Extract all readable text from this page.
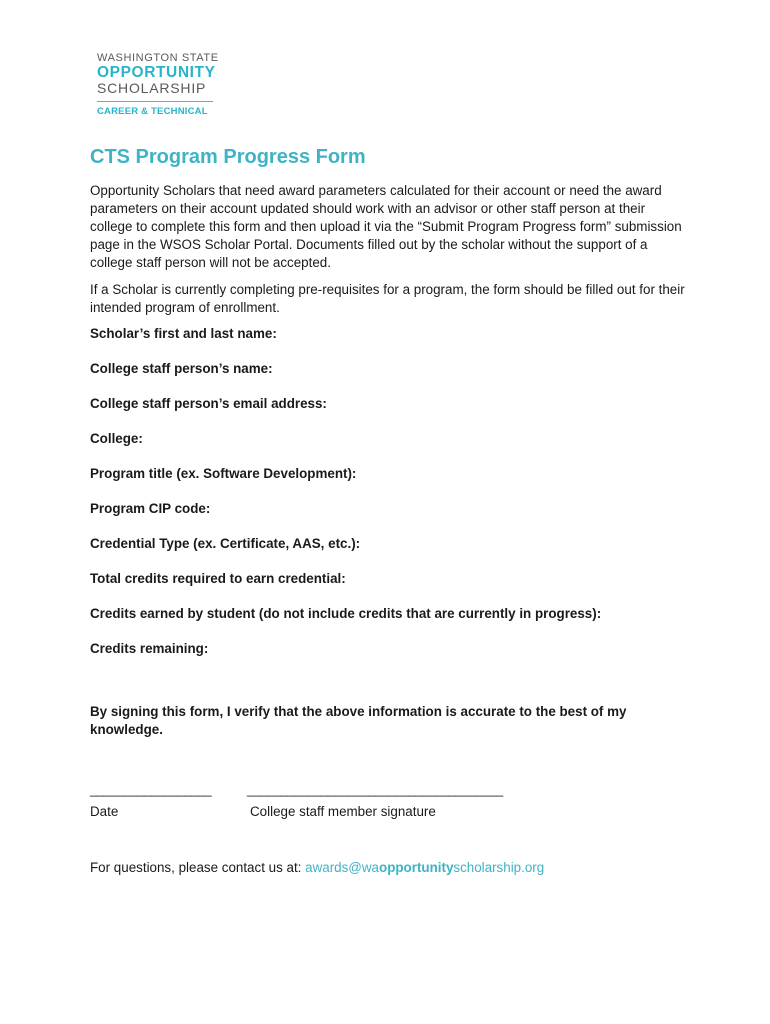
WASHINGTON STATE
OPPORTUNITY
SCHOLARSHIP
CAREER & TECHNICAL
CTS Program Progress Form

Opportunity Scholars that need award parameters calculated for their account or need the award parameters on their account updated should work with an advisor or other staff person at their college to complete this form and then upload it via the “Submit Program Progress form” submission page in the WSOS Scholar Portal. Documents filled out by the scholar without the support of a college staff person will not be accepted.

If a Scholar is currently completing pre-requisites for a program, the form should be filled out for their intended program of enrollment.

Scholar’s first and last name:
College staff person’s name:
College staff person’s email address:
College:
Program title (ex. Software Development):
Program CIP code:
Credential Type (ex. Certificate, AAS, etc.):
Total credits required to earn credential:
Credits earned by student (do not include credits that are currently in progress):
Credits remaining:

By signing this form, I verify that the above information is accurate to the best of my knowledge.

__________________	______________________________________
Date	College staff member signature
For questions, please contact us at: awards@waopportunityscholarship.org
